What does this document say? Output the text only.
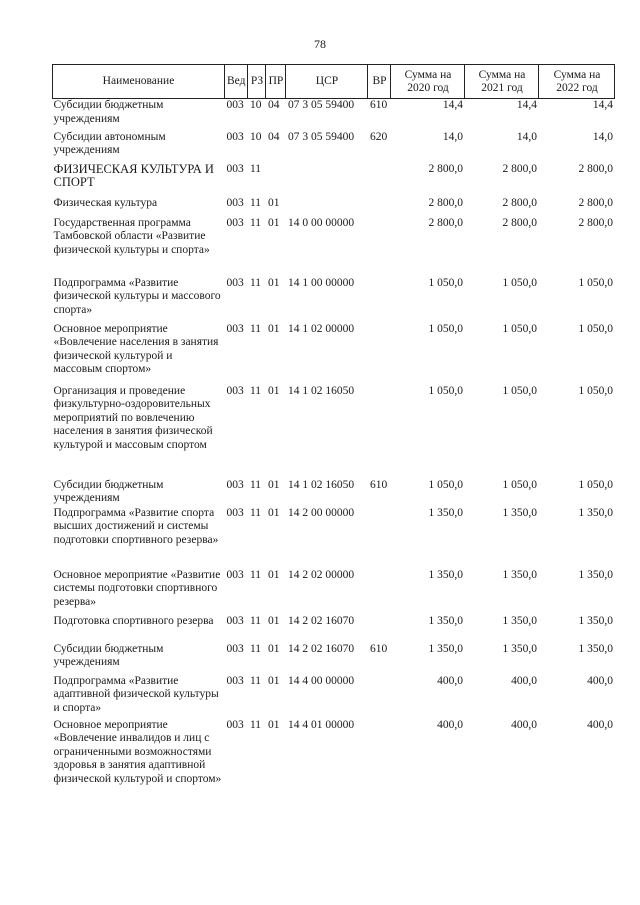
78
Наименование	Вед	РЗ	ПР	ЦСР	ВР	Сумма на 2020 год	Сумма на 2021 год	Сумма на 2022 год
Субсидии бюджетным учреждениям	003	10	04	07 3 05 59400	610	14,4	14,4	14,4
Субсидии автономным учреждениям	003	10	04	07 3 05 59400	620	14,0	14,0	14,0
ФИЗИЧЕСКАЯ КУЛЬТУРА И СПОРТ	003	11				2 800,0	2 800,0	2 800,0
Физическая культура	003	11	01			2 800,0	2 800,0	2 800,0
Государственная программа Тамбовской области «Развитие физической культуры и спорта»	003	11	01	14 0 00 00000		2 800,0	2 800,0	2 800,0
Подпрограмма «Развитие физической культуры и массового спорта»	003	11	01	14 1 00 00000		1 050,0	1 050,0	1 050,0
Основное мероприятие «Вовлечение населения в занятия физической культурой и массовым спортом»	003	11	01	14 1 02 00000		1 050,0	1 050,0	1 050,0
Организация и проведение физкультурно-оздоровительных мероприятий по вовлечению населения в занятия физической культурой и массовым спортом	003	11	01	14 1 02 16050		1 050,0	1 050,0	1 050,0
Субсидии бюджетным учреждениям	003	11	01	14 1 02 16050	610	1 050,0	1 050,0	1 050,0
Подпрограмма «Развитие спорта высших достижений и системы подготовки спортивного резерва»	003	11	01	14 2 00 00000		1 350,0	1 350,0	1 350,0
Основное мероприятие «Развитие системы подготовки спортивного резерва»	003	11	01	14 2 02 00000		1 350,0	1 350,0	1 350,0
Подготовка спортивного резерва	003	11	01	14 2 02 16070		1 350,0	1 350,0	1 350,0
Субсидии бюджетным учреждениям	003	11	01	14 2 02 16070	610	1 350,0	1 350,0	1 350,0
Подпрограмма «Развитие адаптивной физической культуры и спорта»	003	11	01	14 4 00 00000		400,0	400,0	400,0
Основное мероприятие «Вовлечение инвалидов и лиц с ограниченными возможностями здоровья в занятия адаптивной физической культурой и спортом»	003	11	01	14 4 01 00000		400,0	400,0	400,0
